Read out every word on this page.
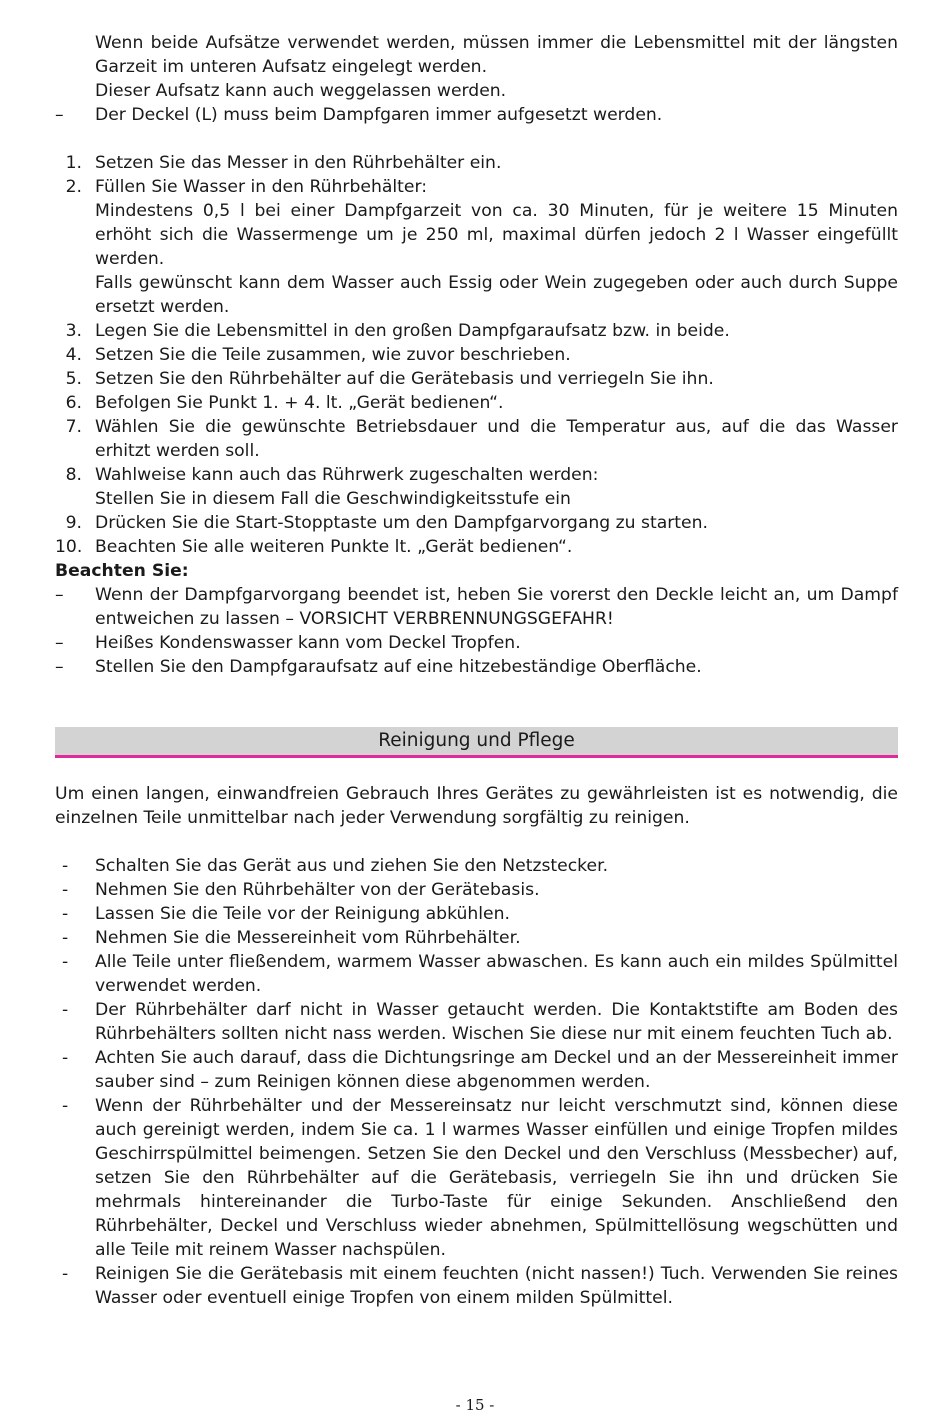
Wenn beide Aufsätze verwendet werden, müssen immer die Lebensmittel mit der längsten Garzeit im unteren Aufsatz eingelegt werden.
Dieser Aufsatz kann auch weggelassen werden.
– Der Deckel (L) muss beim Dampfgaren immer aufgesetzt werden.
1. Setzen Sie das Messer in den Rührbehälter ein.
2. Füllen Sie Wasser in den Rührbehälter:
Mindestens 0,5 l bei einer Dampfgarzeit von ca. 30 Minuten, für je weitere 15 Minuten erhöht sich die Wassermenge um je 250 ml, maximal dürfen jedoch 2 l Wasser eingefüllt werden.
Falls gewünscht kann dem Wasser auch Essig oder Wein zugegeben oder auch durch Suppe ersetzt werden.
3. Legen Sie die Lebensmittel in den großen Dampfgaraufsatz bzw. in beide.
4. Setzen Sie die Teile zusammen, wie zuvor beschrieben.
5. Setzen Sie den Rührbehälter auf die Gerätebasis und verriegeln Sie ihn.
6. Befolgen Sie Punkt 1. + 4. lt. „Gerät bedienen“.
7. Wählen Sie die gewünschte Betriebsdauer und die Temperatur aus, auf die das Wasser erhitzt werden soll.
8. Wahlweise kann auch das Rührwerk zugeschalten werden:
Stellen Sie in diesem Fall die Geschwindigkeitsstufe ein
9. Drücken Sie die Start-Stopptaste um den Dampfgarvorgang zu starten.
10. Beachten Sie alle weiteren Punkte lt. „Gerät bedienen“.
Beachten Sie:
– Wenn der Dampfgarvorgang beendet ist, heben Sie vorerst den Deckle leicht an, um Dampf entweichen zu lassen – VORSICHT VERBRENNUNGSGEFAHR!
– Heißes Kondenswasser kann vom Deckel Tropfen.
– Stellen Sie den Dampfgaraufsatz auf eine hitzebeständige Oberfläche.
Reinigung und Pflege
Um einen langen, einwandfreien Gebrauch Ihres Gerätes zu gewährleisten ist es notwendig, die einzelnen Teile unmittelbar nach jeder Verwendung sorgfältig zu reinigen.
- Schalten Sie das Gerät aus und ziehen Sie den Netzstecker.
- Nehmen Sie den Rührbehälter von der Gerätebasis.
- Lassen Sie die Teile vor der Reinigung abkühlen.
- Nehmen Sie die Messereinheit vom Rührbehälter.
- Alle Teile unter fließendem, warmem Wasser abwaschen. Es kann auch ein mildes Spülmittel verwendet werden.
- Der Rührbehälter darf nicht in Wasser getaucht werden. Die Kontaktstifte am Boden des Rührbehälters sollten nicht nass werden. Wischen Sie diese nur mit einem feuchten Tuch ab.
- Achten Sie auch darauf, dass die Dichtungsringe am Deckel und an der Messereinheit immer sauber sind – zum Reinigen können diese abgenommen werden.
- Wenn der Rührbehälter und der Messereinsatz nur leicht verschmutzt sind, können diese auch gereinigt werden, indem Sie ca. 1 l warmes Wasser einfüllen und einige Tropfen mildes Geschirrspülmittel beimengen. Setzen Sie den Deckel und den Verschluss (Messbecher) auf, setzen Sie den Rührbehälter auf die Gerätebasis, verriegeln Sie ihn und drücken Sie mehrmals hintereinander die Turbo-Taste für einige Sekunden. Anschließend den Rührbehälter, Deckel und Verschluss wieder abnehmen, Spülmittellösung wegschütten und alle Teile mit reinem Wasser nachspülen.
- Reinigen Sie die Gerätebasis mit einem feuchten (nicht nassen!) Tuch. Verwenden Sie reines Wasser oder eventuell einige Tropfen von einem milden Spülmittel.
- 15 -
